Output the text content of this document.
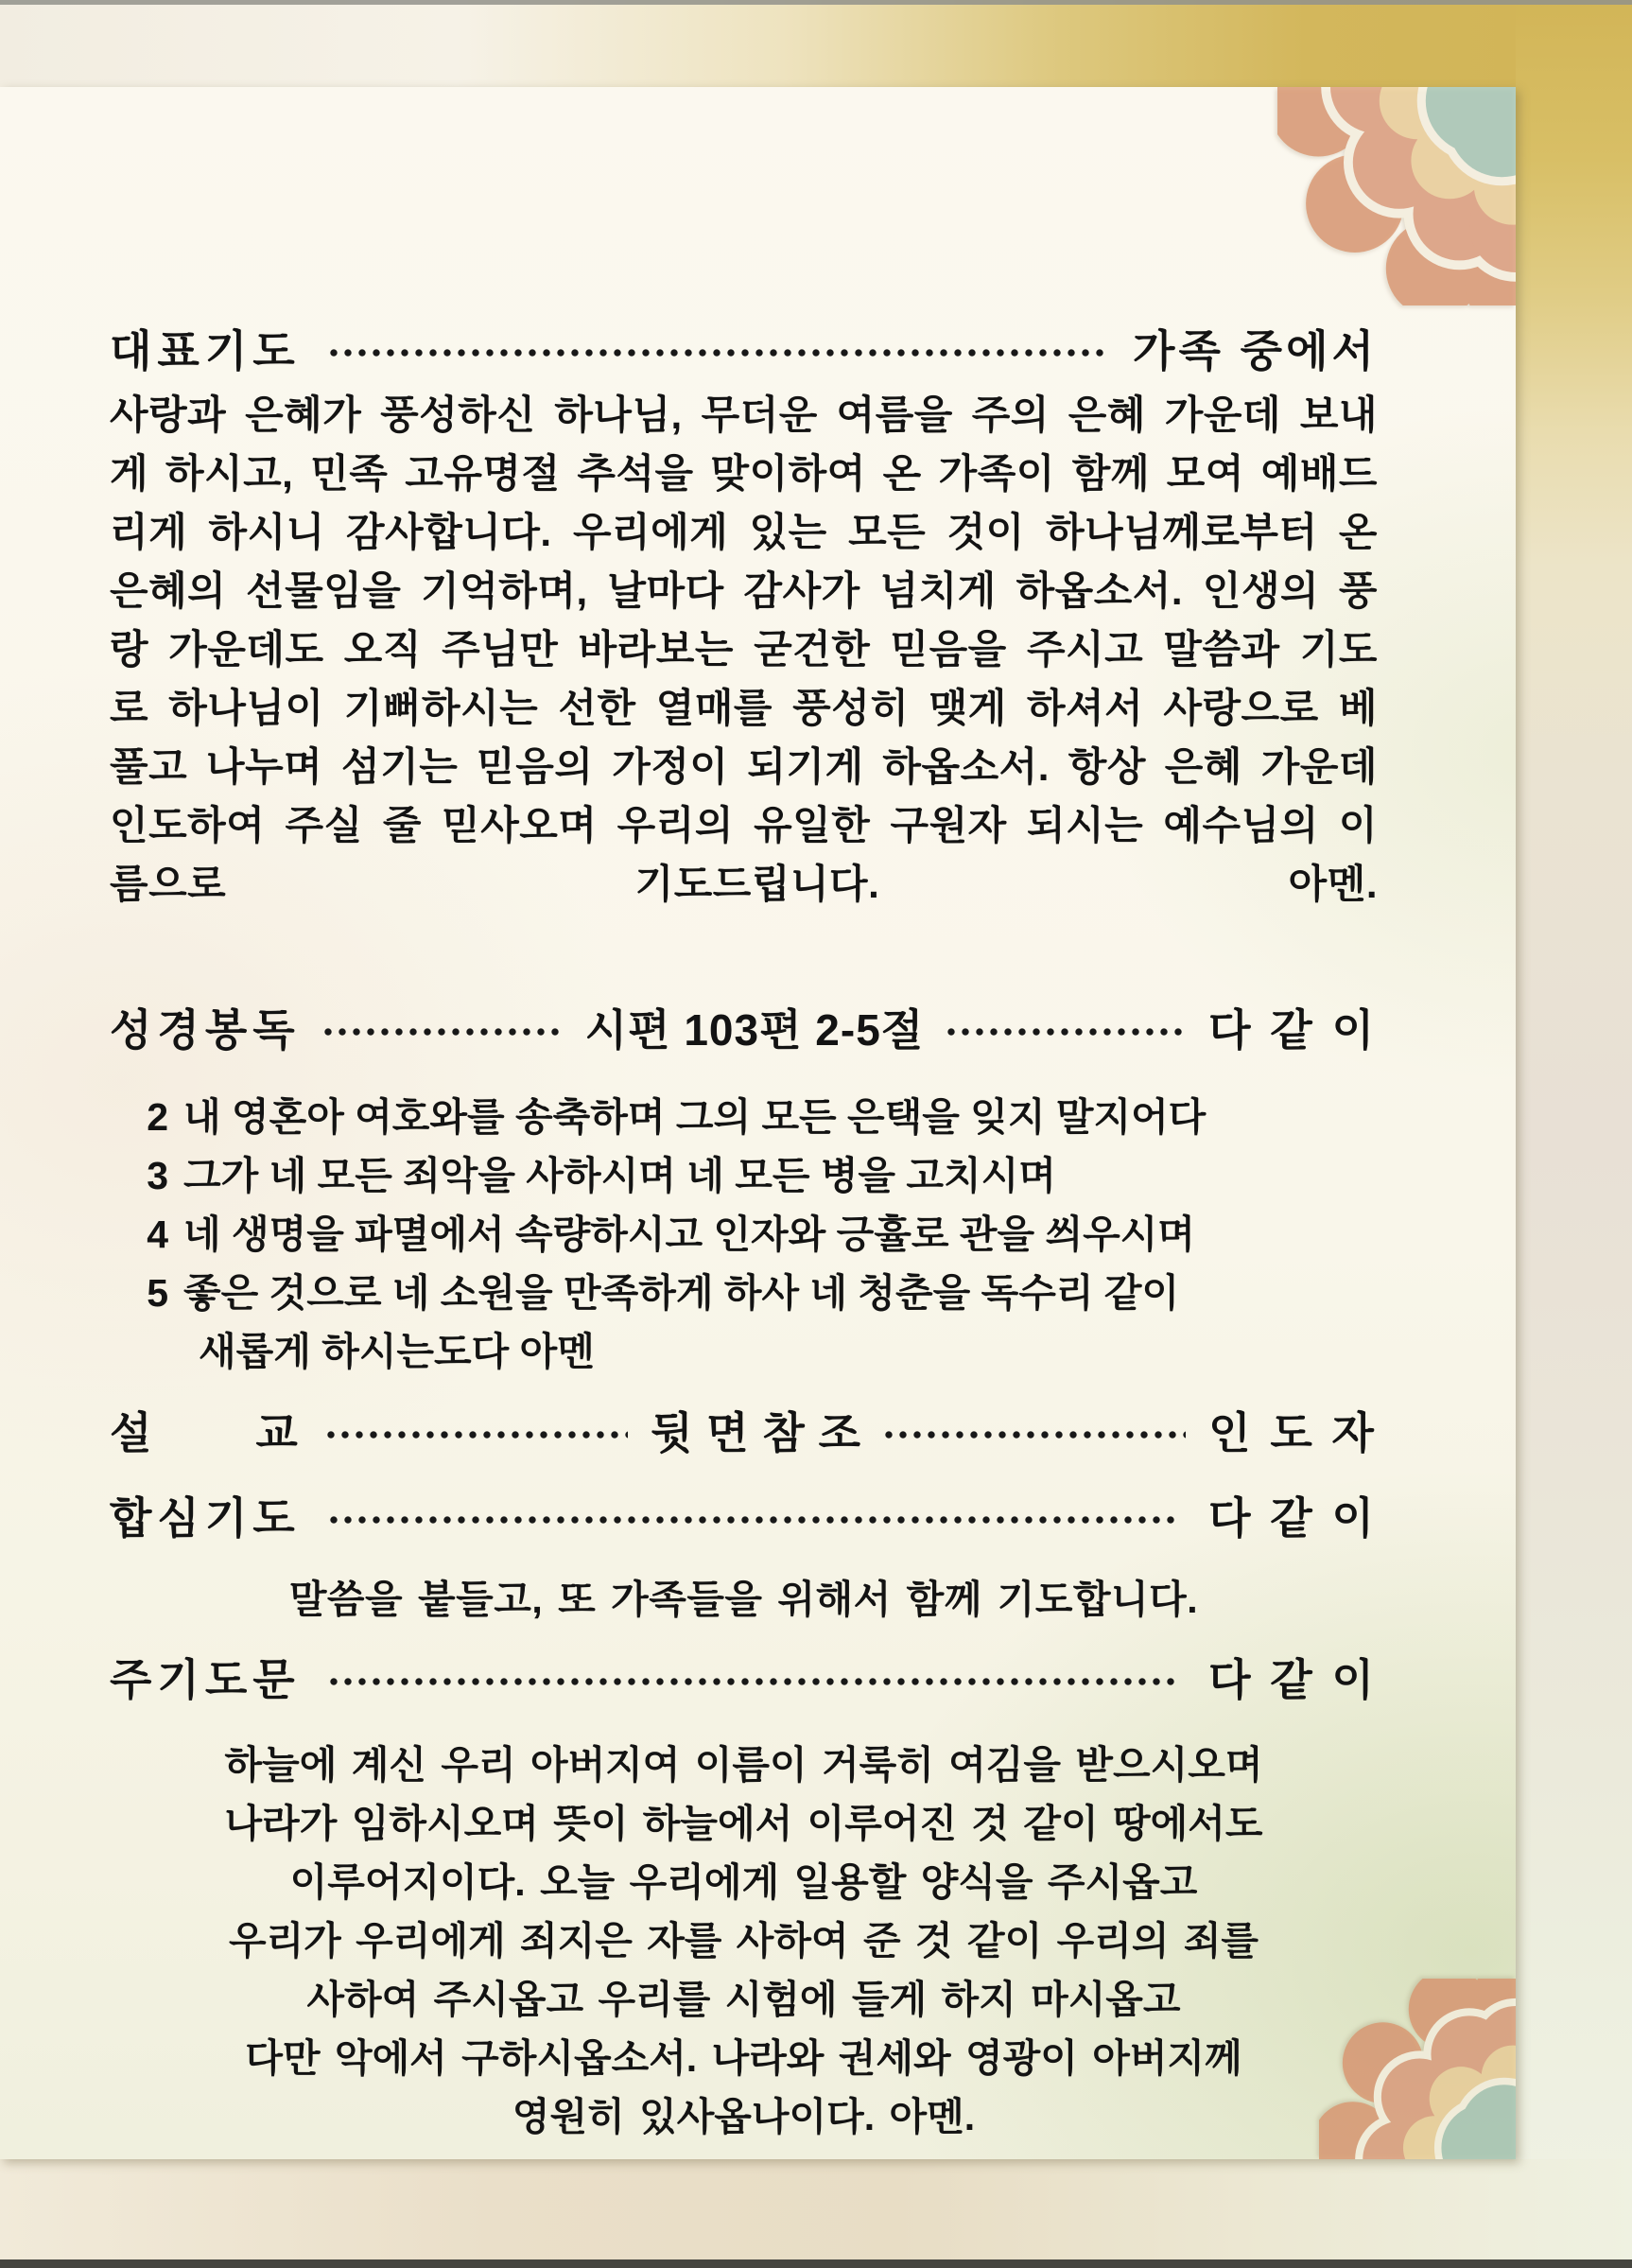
대표기도	가족 중에서
사랑과 은혜가 풍성하신 하나님, 무더운 여름을 주의 은혜 가운데 보내게 하시고, 민족 고유명절 추석을 맞이하여 온 가족이 함께 모여 예배드리게 하시니 감사합니다. 우리에게 있는 모든 것이 하나님께로부터 온 은혜의 선물임을 기억하며, 날마다 감사가 넘치게 하옵소서. 인생의 풍랑 가운데도 오직 주님만 바라보는 굳건한 믿음을 주시고 말씀과 기도로 하나님이 기뻐하시는 선한 열매를 풍성히 맺게 하셔서 사랑으로 베풀고 나누며 섬기는 믿음의 가정이 되기게 하옵소서. 항상 은혜 가운데 인도하여 주실 줄 믿사오며 우리의 유일한 구원자 되시는 예수님의 이름으로 기도드립니다. 아멘.
성경봉독	시편 103편 2-5절	다 같 이
2 내 영혼아 여호와를 송축하며 그의 모든 은택을 잊지 말지어다
3 그가 네 모든 죄악을 사하시며 네 모든 병을 고치시며
4 네 생명을 파멸에서 속량하시고 인자와 긍휼로 관을 씌우시며
5 좋은 것으로 네 소원을 만족하게 하사 네 청춘을 독수리 같이
새롭게 하시는도다 아멘
설　　교	뒷 면 참 조	인 도 자
합심기도	다 같 이
말씀을 붙들고, 또 가족들을 위해서 함께 기도합니다.
주기도문	다 같 이
하늘에 계신 우리 아버지여 이름이 거룩히 여김을 받으시오며
나라가 임하시오며 뜻이 하늘에서 이루어진 것 같이 땅에서도
이루어지이다. 오늘 우리에게 일용할 양식을 주시옵고
우리가 우리에게 죄지은 자를 사하여 준 것 같이 우리의 죄를
사하여 주시옵고 우리를 시험에 들게 하지 마시옵고
다만 악에서 구하시옵소서. 나라와 권세와 영광이 아버지께
영원히 있사옵나이다. 아멘.
